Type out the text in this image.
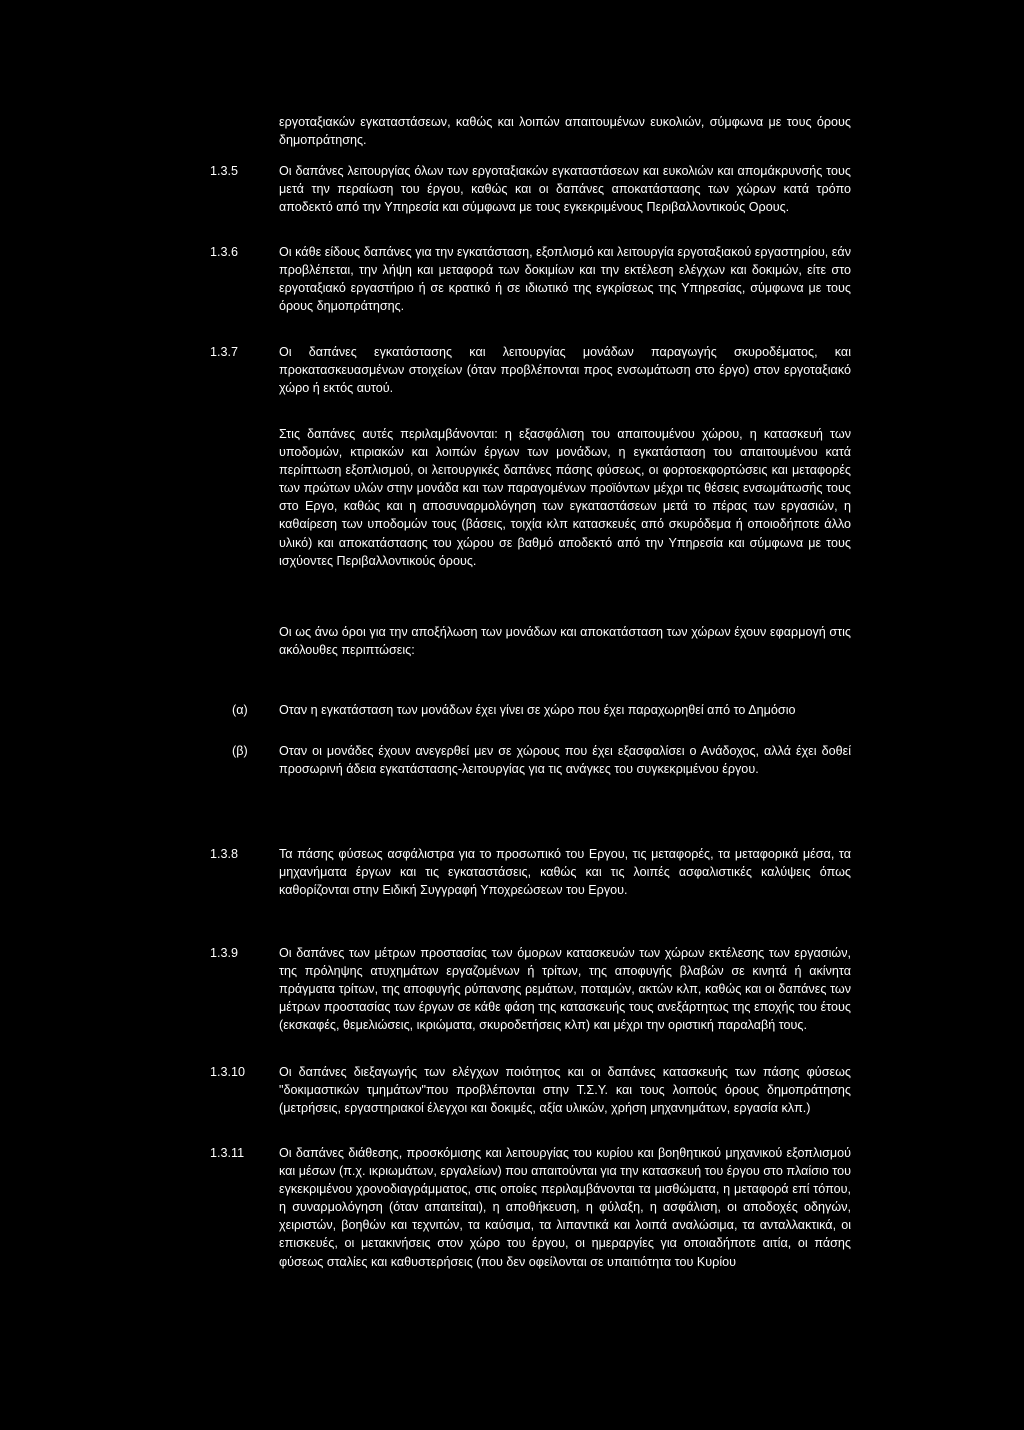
εργοταξιακών εγκαταστάσεων, καθώς και λοιπών απαιτουμένων ευκολιών, σύμφωνα με τους όρους δημοπράτησης.
1.3.5	Οι δαπάνες λειτουργίας όλων των εργοταξιακών εγκαταστάσεων και ευκολιών και απομάκρυνσής τους μετά την περαίωση του έργου, καθώς και οι δαπάνες αποκατάστασης των χώρων κατά τρόπο αποδεκτό από την Υπηρεσία και σύμφωνα με τους εγκεκριμένους Περιβαλλοντικούς Ορους.
1.3.6	Οι κάθε είδους δαπάνες για την εγκατάσταση, εξοπλισμό και λειτουργία εργοταξιακού εργαστηρίου, εάν προβλέπεται, την λήψη και μεταφορά των δοκιμίων και την εκτέλεση ελέγχων και δοκιμών, είτε στο εργοταξιακό εργαστήριο ή σε κρατικό ή σε ιδιωτικό της εγκρίσεως της Υπηρεσίας, σύμφωνα με τους όρους δημοπράτησης.
1.3.7	Οι δαπάνες εγκατάστασης και λειτουργίας μονάδων παραγωγής σκυροδέματος, και προκατασκευασμένων στοιχείων (όταν προβλέπονται προς ενσωμάτωση στο έργο) στον εργοταξιακό χώρο ή εκτός αυτού.
Στις δαπάνες αυτές περιλαμβάνονται: η εξασφάλιση του απαιτουμένου χώρου, η κατασκευή των υποδομών, κτιριακών και λοιπών έργων των μονάδων, η εγκατάσταση του απαιτουμένου κατά περίπτωση εξοπλισμού, οι λειτουργικές δαπάνες πάσης φύσεως, οι φορτοεκφορτώσεις και μεταφορές των πρώτων υλών στην μονάδα και των παραγομένων προϊόντων μέχρι τις θέσεις ενσωμάτωσής τους στο Εργο, καθώς και η αποσυναρμολόγηση των εγκαταστάσεων μετά το πέρας των εργασιών, η καθαίρεση των υποδομών τους (βάσεις, τοιχία κλπ κατασκευές από σκυρόδεμα ή οποιοδήποτε άλλο υλικό) και αποκατάστασης του χώρου σε βαθμό αποδεκτό από την Υπηρεσία και σύμφωνα με τους ισχύοντες Περιβαλλοντικούς όρους.
Οι ως άνω όροι για την αποξήλωση των μονάδων και αποκατάσταση των χώρων έχουν εφαρμογή στις ακόλουθες περιπτώσεις:
(α) Οταν η εγκατάσταση των μονάδων έχει γίνει σε χώρο που έχει παραχωρηθεί από το Δημόσιο
(β) Οταν οι μονάδες έχουν ανεγερθεί μεν σε χώρους που έχει εξασφαλίσει ο Ανάδοχος, αλλά έχει δοθεί προσωρινή άδεια εγκατάστασης-λειτουργίας για τις ανάγκες του συγκεκριμένου έργου.
1.3.8	Τα πάσης φύσεως ασφάλιστρα για το προσωπικό του Εργου, τις μεταφορές, τα μεταφορικά μέσα, τα μηχανήματα έργων και τις εγκαταστάσεις, καθώς και τις λοιπές ασφαλιστικές καλύψεις όπως καθορίζονται στην Ειδική Συγγραφή Υποχρεώσεων του Εργου.
1.3.9	Οι δαπάνες των μέτρων προστασίας των όμορων κατασκευών των χώρων εκτέλεσης των εργασιών, της πρόληψης ατυχημάτων εργαζομένων ή τρίτων, της αποφυγής βλαβών σε κινητά ή ακίνητα πράγματα τρίτων, της αποφυγής ρύπανσης ρεμάτων, ποταμών, ακτών κλπ, καθώς και οι δαπάνες των μέτρων προστασίας των έργων σε κάθε φάση της κατασκευής τους ανεξάρτητως της εποχής του έτους (εκσκαφές, θεμελιώσεις, ικριώματα, σκυροδετήσεις κλπ) και μέχρι την οριστική παραλαβή τους.
1.3.10	Οι δαπάνες διεξαγωγής των ελέγχων ποιότητος και οι δαπάνες κατασκευής των πάσης φύσεως "δοκιμαστικών τμημάτων"που προβλέπονται στην Τ.Σ.Υ. και τους λοιπούς όρους δημοπράτησης (μετρήσεις, εργαστηριακοί έλεγχοι και δοκιμές, αξία υλικών, χρήση μηχανημάτων, εργασία κλπ.)
1.3.11	Οι δαπάνες διάθεσης, προσκόμισης και λειτουργίας του κυρίου και βοηθητικού μηχανικού εξοπλισμού και μέσων (π.χ. ικριωμάτων, εργαλείων) που απαιτούνται για την κατασκευή του έργου στο πλαίσιο του εγκεκριμένου χρονοδιαγράμματος, στις οποίες περιλαμβάνονται τα μισθώματα, η μεταφορά επί τόπου, η συναρμολόγηση (όταν απαιτείται), η αποθήκευση, η φύλαξη, η ασφάλιση, οι αποδοχές οδηγών, χειριστών, βοηθών και τεχνιτών, τα καύσιμα, τα λιπαντικά και λοιπά αναλώσιμα, τα ανταλλακτικά, οι επισκευές, οι μετακινήσεις στον χώρο του έργου, οι ημεραργίες για οποιαδήποτε αιτία, οι πάσης φύσεως σταλίες και καθυστερήσεις (που δεν οφείλονται σε υπαιτιότητα του Κυρίου
